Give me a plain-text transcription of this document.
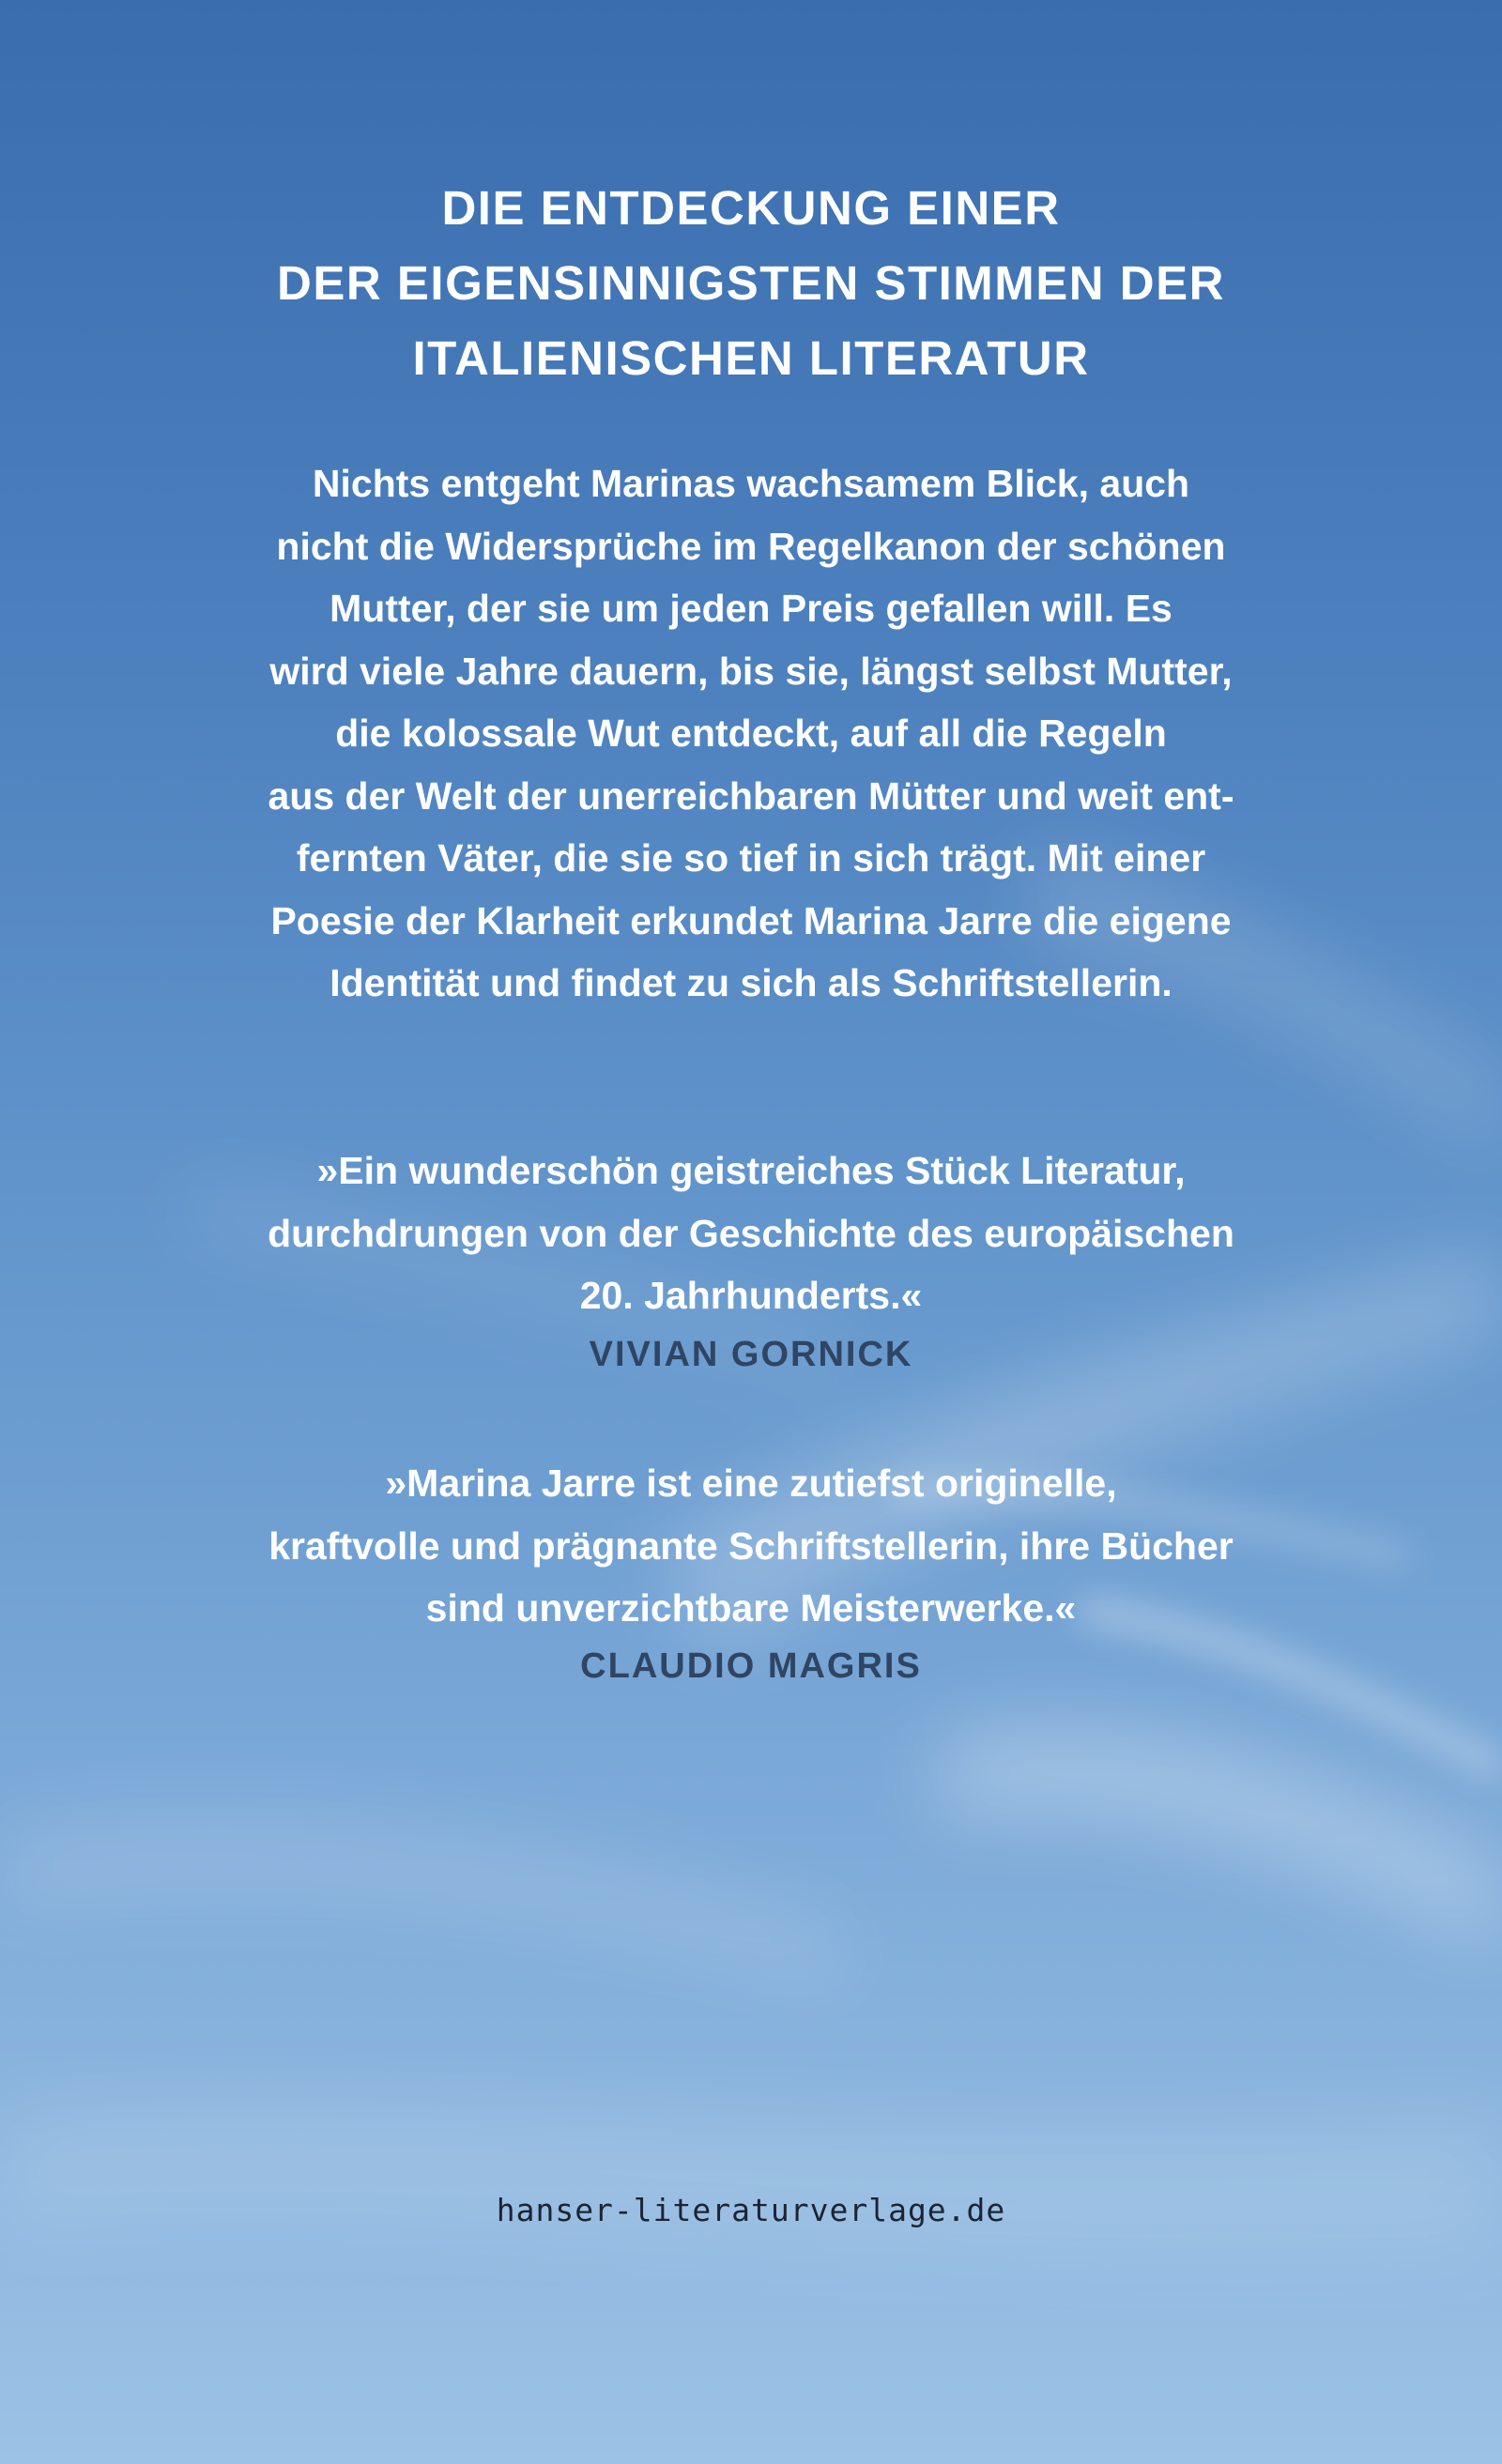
DIE ENTDECKUNG EINER
DER EIGENSINNIGSTEN STIMMEN DER
ITALIENISCHEN LITERATUR

Nichts entgeht Marinas wachsamem Blick, auch
nicht die Widersprüche im Regelkanon der schönen
Mutter, der sie um jeden Preis gefallen will. Es
wird viele Jahre dauern, bis sie, längst selbst Mutter,
die kolossale Wut entdeckt, auf all die Regeln
aus der Welt der unerreichbaren Mütter und weit ent-
fernten Väter, die sie so tief in sich trägt. Mit einer
Poesie der Klarheit erkundet Marina Jarre die eigene
Identität und findet zu sich als Schriftstellerin.

»Ein wunderschön geistreiches Stück Literatur,
durchdrungen von der Geschichte des europäischen
20. Jahrhunderts.«

VIVIAN GORNICK

»Marina Jarre ist eine zutiefst originelle,
kraftvolle und prägnante Schriftstellerin, ihre Bücher
sind unverzichtbare Meisterwerke.«

CLAUDIO MAGRIS

hanser-literaturverlage.de
